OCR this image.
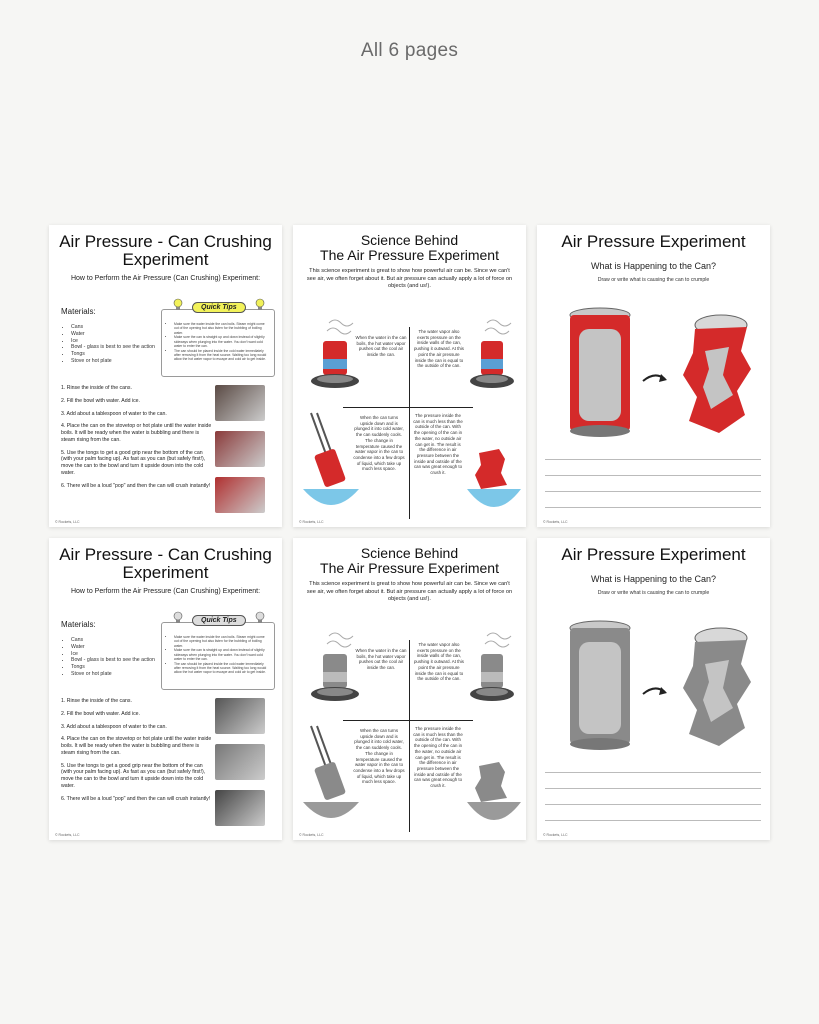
All 6 pages
Air Pressure - Can Crushing
Experiment
How to Perform the Air Pressure (Can Crushing) Experiment:
Materials:
• Cans
• Water
• Ice
• Bowl - glass is best to see the action
• Tongs
• Stove or hot plate
Quick Tips
• Make sure the water inside the can boils. Steam might come out of the opening but also listen for the bubbling of boiling water.
• Make sure the can is straight up and down instead of slightly sideways when plunging into the water. You don't want cold water to enter the can.
• The can should be placed inside the cold water immediately after removing it from the heat source. Waiting too long would allow the hot water vapor to escape and cold air to get inside.
1. Rinse the inside of the cans.
2. Fill the bowl with water. Add ice.
3. Add about a tablespoon of water to the can.
4. Place the can on the stovetop or hot plate until the water inside boils. It will be ready when the water is bubbling and there is steam rising from the can.
5. Use the tongs to get a good grip near the bottom of the can (with your palm facing up). As fast as you can (but safely first!), move the can to the bowl and turn it upside down into the cold water.
6. There will be a loud "pop" and then the can will crush instantly!
© Rockets, LLC
Science Behind
The Air Pressure Experiment
This science experiment is great to show how powerful air can be. Since we can't see air, we often forget about it. But air pressure can actually apply a lot of force on objects (and us!).
When the water in the can boils, the hot water vapor pushes out the cool air inside the can.
The water vapor also exerts pressure on the inside walls of the can, pushing it outward. At this point the air pressure inside the can is equal to the outside of the can.
When the can turns upside down and is plunged it into cold water, the can suddenly cools. The change in temperature caused the water vapor in the can to condense into a few drops of liquid, which take up much less space.
The pressure inside the can is much less than the outside of the can. With the opening of the can in the water, no outside air can get in. The result is the difference in air pressure between the inside and outside of the can was great enough to crush it.
© Rockets, LLC
Air Pressure Experiment
What is Happening to the Can?
Draw or write what is causing the can to crumple
© Rockets, LLC
Air Pressure - Can Crushing
Experiment
How to Perform the Air Pressure (Can Crushing) Experiment:
Materials:
• Cans
• Water
• Ice
• Bowl - glass is best to see the action
• Tongs
• Stove or hot plate
Quick Tips
• Make sure the water inside the can boils. Steam might come out of the opening but also listen for the bubbling of boiling water.
• Make sure the can is straight up and down instead of slightly sideways when plunging into the water. You don't want cold water to enter the can.
• The can should be placed inside the cold water immediately after removing it from the heat source. Waiting too long would allow the hot water vapor to escape and cold air to get inside.
1. Rinse the inside of the cans.
2. Fill the bowl with water. Add ice.
3. Add about a tablespoon of water to the can.
4. Place the can on the stovetop or hot plate until the water inside boils. It will be ready when the water is bubbling and there is steam rising from the can.
5. Use the tongs to get a good grip near the bottom of the can (with your palm facing up). As fast as you can (but safely first!), move the can to the bowl and turn it upside down into the cold water.
6. There will be a loud "pop" and then the can will crush instantly!
© Rockets, LLC
Science Behind
The Air Pressure Experiment
This science experiment is great to show how powerful air can be. Since we can't see air, we often forget about it. But air pressure can actually apply a lot of force on objects (and us!).
When the water in the can boils, the hot water vapor pushes out the cool air inside the can.
The water vapor also exerts pressure on the inside walls of the can, pushing it outward. At this point the air pressure inside the can is equal to the outside of the can.
When the can turns upside down and is plunged it into cold water, the can suddenly cools. The change in temperature caused the water vapor in the can to condense into a few drops of liquid, which take up much less space.
The pressure inside the can is much less than the outside of the can. With the opening of the can in the water, no outside air can get in. The result is the difference in air pressure between the inside and outside of the can was great enough to crush it.
© Rockets, LLC
Air Pressure Experiment
What is Happening to the Can?
Draw or write what is causing the can to crumple
© Rockets, LLC
